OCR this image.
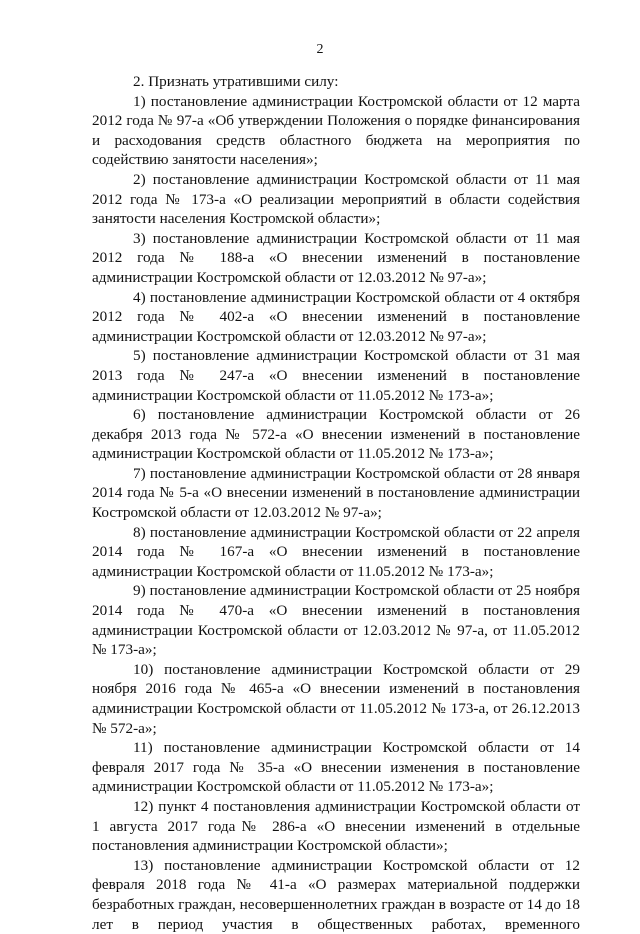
2

2. Признать утратившими силу:

1) постановление администрации Костромской области от 12 марта 2012 года № 97-а «Об утверждении Положения о порядке финансирования и расходования средств областного бюджета на мероприятия по содействию занятости населения»;

2) постановление администрации Костромской области от 11 мая 2012 года № 173-а «О реализации мероприятий в области содействия занятости населения Костромской области»;

3) постановление администрации Костромской области от 11 мая 2012 года № 188-а «О внесении изменений в постановление администрации Костромской области от 12.03.2012 № 97-а»;

4) постановление администрации Костромской области от 4 октября 2012 года № 402-а «О внесении изменений в постановление администрации Костромской области от 12.03.2012 № 97-а»;

5) постановление администрации Костромской области от 31 мая 2013 года № 247-а «О внесении изменений в постановление администрации Костромской области от 11.05.2012 № 173-а»;

6) постановление администрации Костромской области от 26 декабря 2013 года № 572-а «О внесении изменений в постановление администрации Костромской области от 11.05.2012 № 173-а»;

7) постановление администрации Костромской области от 28 января 2014 года № 5-а «О внесении изменений в постановление администрации Костромской области от 12.03.2012 № 97-а»;

8) постановление администрации Костромской области от 22 апреля 2014 года № 167-а «О внесении изменений в постановление администрации Костромской области от 11.05.2012 № 173-а»;

9) постановление администрации Костромской области от 25 ноября 2014 года № 470-а «О внесении изменений в постановления администрации Костромской области от 12.03.2012 № 97-а, от 11.05.2012 № 173-а»;

10) постановление администрации Костромской области от 29 ноября 2016 года № 465-а «О внесении изменений в постановления администрации Костромской области от 11.05.2012 № 173-а, от 26.12.2013 № 572-а»;

11) постановление администрации Костромской области от 14 февраля 2017 года № 35-а «О внесении изменения в постановление администрации Костромской области от 11.05.2012 № 173-а»;

12) пункт 4 постановления администрации Костромской области от 1 августа 2017 года№ 286-а «О внесении изменений в отдельные постановления администрации Костромской области»;

13) постановление администрации Костромской области от 12 февраля 2018 года № 41-а «О размерах материальной поддержки безработных граждан, несовершеннолетних граждан в возрасте от 14 до 18 лет в период участия в общественных работах, временного
